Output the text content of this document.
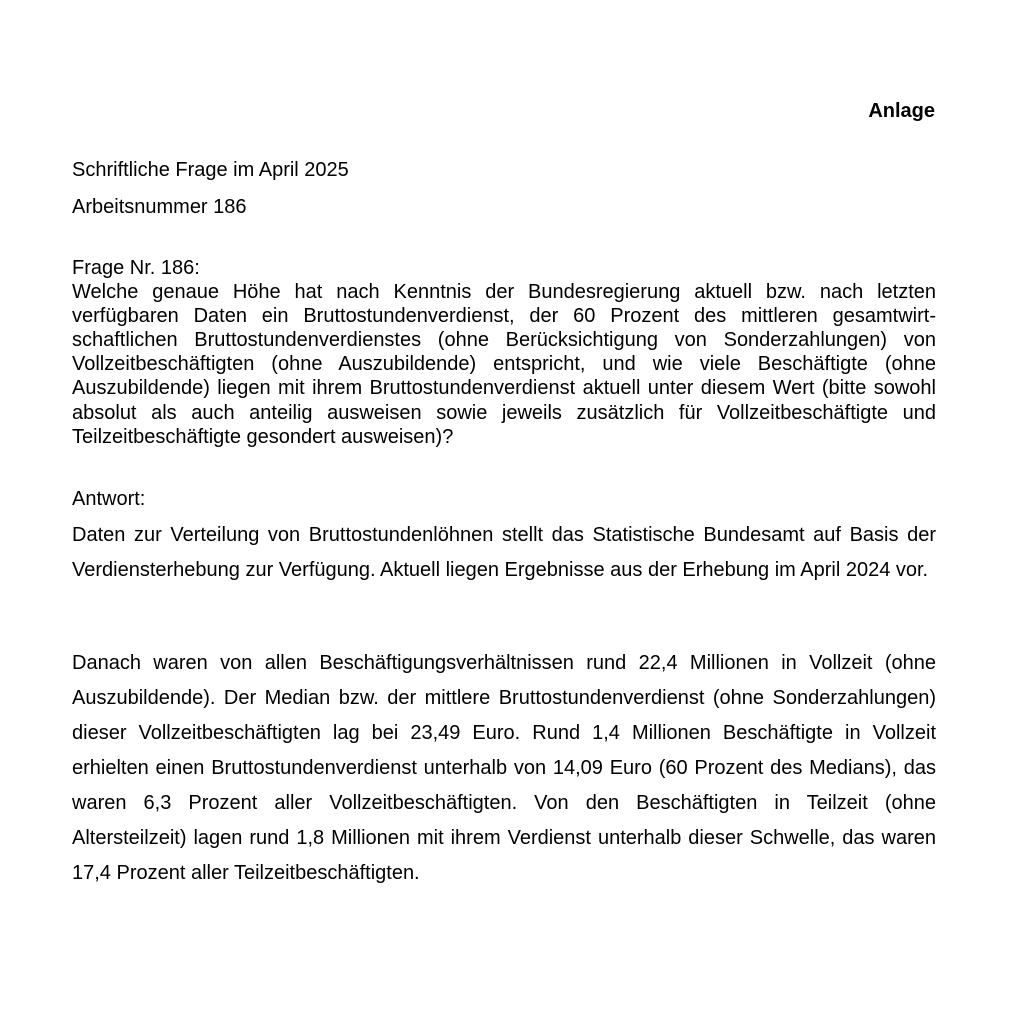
Anlage

Schriftliche Frage im April 2025

Arbeitsnummer 186

Frage Nr. 186:
Welche genaue Höhe hat nach Kenntnis der Bundesregierung aktuell bzw. nach letzten verfügbaren Daten ein Bruttostundenverdienst, der 60 Prozent des mittleren gesamtwirtschaftlichen Bruttostundenverdienstes (ohne Berücksichtigung von Sonderzahlungen) von Vollzeitbeschäftigten (ohne Auszubildende) entspricht, und wie viele Beschäftigte (ohne Auszubildende) liegen mit ihrem Bruttostundenverdienst aktuell unter diesem Wert (bitte sowohl absolut als auch anteilig ausweisen sowie jeweils zusätzlich für Vollzeitbeschäftigte und Teilzeitbeschäftigte gesondert ausweisen)?

Antwort:

Daten zur Verteilung von Bruttostundenlöhnen stellt das Statistische Bundesamt auf Basis der Verdiensterhebung zur Verfügung. Aktuell liegen Ergebnisse aus der Erhebung im April 2024 vor.

Danach waren von allen Beschäftigungsverhältnissen rund 22,4 Millionen in Vollzeit (ohne Auszubildende). Der Median bzw. der mittlere Bruttostundenverdienst (ohne Sonderzahlungen) dieser Vollzeitbeschäftigten lag bei 23,49 Euro. Rund 1,4 Millionen Beschäftigte in Vollzeit erhielten einen Bruttostundenverdienst unterhalb von 14,09 Euro (60 Prozent des Medians), das waren 6,3 Prozent aller Vollzeitbeschäftigten. Von den Beschäftigten in Teilzeit (ohne Altersteilzeit) lagen rund 1,8 Millionen mit ihrem Verdienst unterhalb dieser Schwelle, das waren 17,4 Prozent aller Teilzeitbeschäftigten.
